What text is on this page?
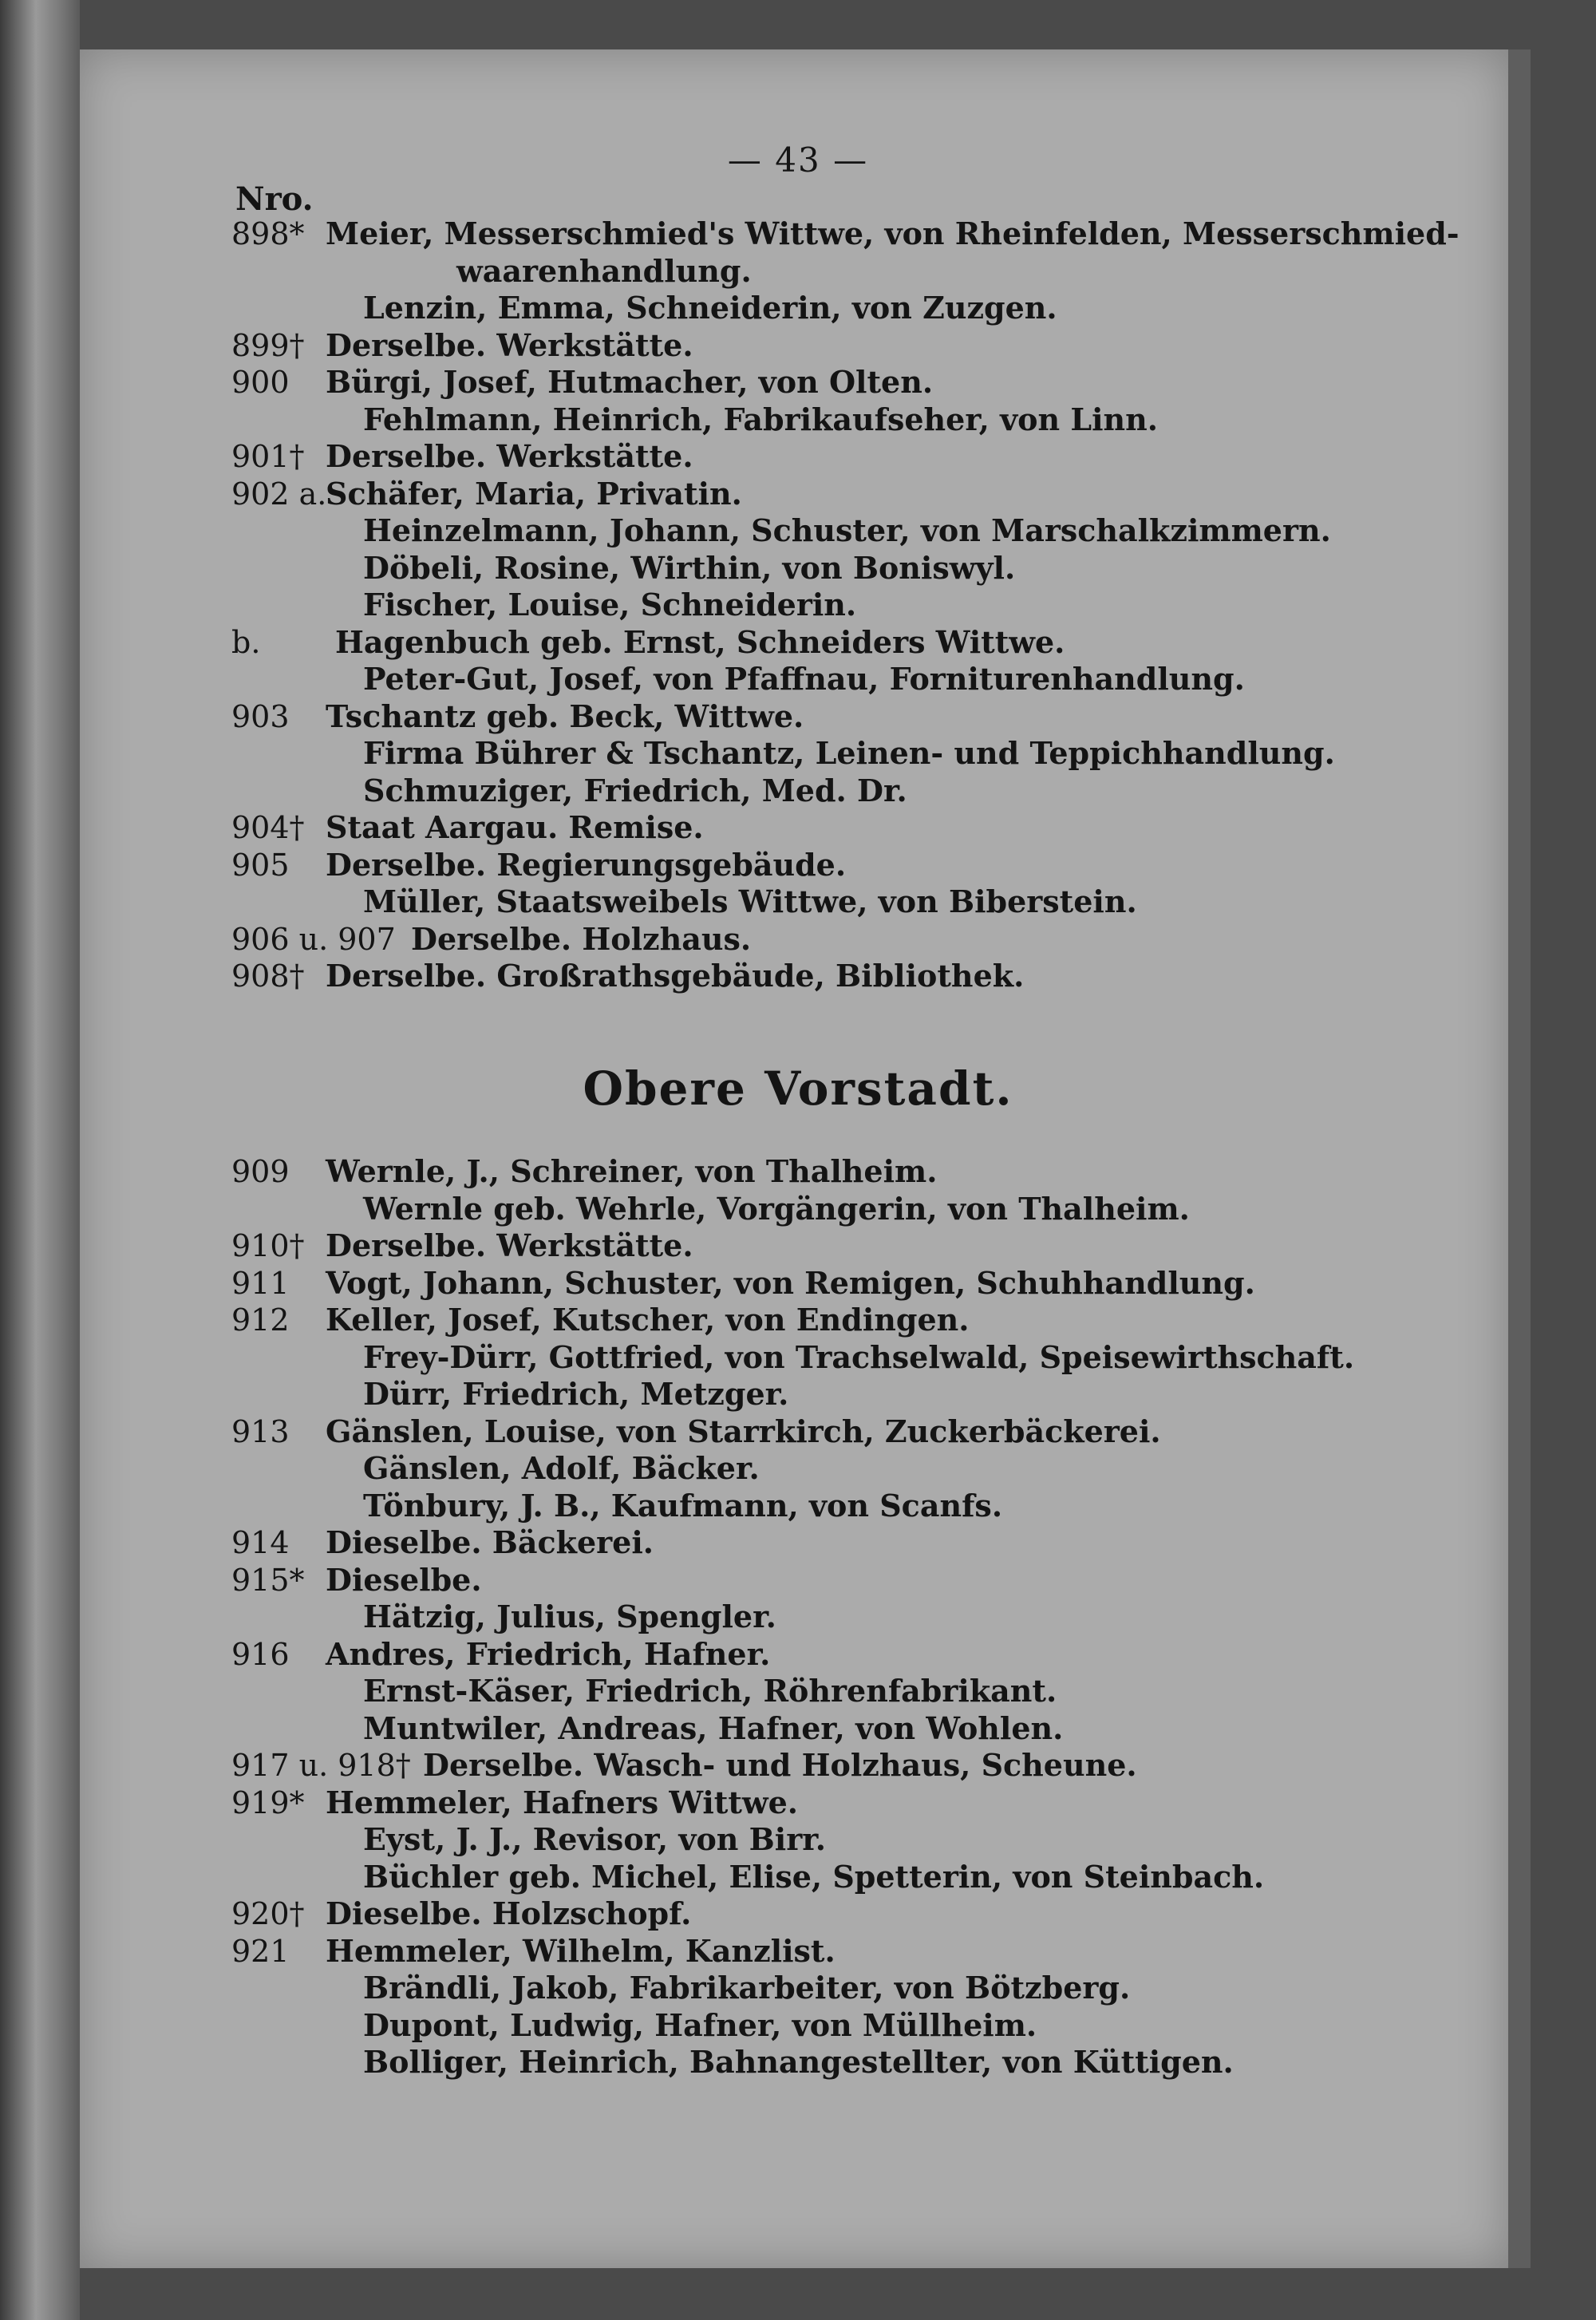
— 43 —
Nro.
898* Meier, Messerschmied's Wittwe, von Rheinfelden, Messerschmied-
waarenhandlung.
Lenzin, Emma, Schneiderin, von Zuzgen.
899† Derselbe. Werkstätte.
900 Bürgi, Josef, Hutmacher, von Olten.
Fehlmann, Heinrich, Fabrikaufseher, von Linn.
901† Derselbe. Werkstätte.
902 a.
Schäfer, Maria, Privatin.
Heinzelmann, Johann, Schuster, von Marschalkzimmern.
Döbeli, Rosine, Wirthin, von Boniswyl.
Fischer, Louise, Schneiderin.
b. Hagenbuch geb. Ernst, Schneiders Wittwe.
Peter-Gut, Josef, von Pfaffnau, Forniturenhandlung.
903 Tschantz geb. Beck, Wittwe.
Firma Bührer & Tschantz, Leinen- und Teppichhandlung.
Schmuziger, Friedrich, Med. Dr.
904† Staat Aargau. Remise.
905 Derselbe. Regierungsgebäude.
Müller, Staatsweibels Wittwe, von Biberstein.
906 u. 907 Derselbe. Holzhaus.
908† Derselbe. Großrathsgebäude, Bibliothek.
Obere Vorstadt.
909 Wernle, J., Schreiner, von Thalheim.
Wernle geb. Wehrle, Vorgängerin, von Thalheim.
910† Derselbe. Werkstätte.
911 Vogt, Johann, Schuster, von Remigen, Schuhhandlung.
912 Keller, Josef, Kutscher, von Endingen.
Frey-Dürr, Gottfried, von Trachselwald, Speisewirthschaft.
Dürr, Friedrich, Metzger.
913 Gänslen, Louise, von Starrkirch, Zuckerbäckerei.
Gänslen, Adolf, Bäcker.
Tönbury, J. B., Kaufmann, von Scanfs.
914 Dieselbe. Bäckerei.
915* Dieselbe.
Hätzig, Julius, Spengler.
916 Andres, Friedrich, Hafner.
Ernst-Käser, Friedrich, Röhrenfabrikant.
Muntwiler, Andreas, Hafner, von Wohlen.
917 u. 918† Derselbe. Wasch- und Holzhaus, Scheune.
919* Hemmeler, Hafners Wittwe.
Eyst, J. J., Revisor, von Birr.
Büchler geb. Michel, Elise, Spetterin, von Steinbach.
920† Dieselbe. Holzschopf.
921 Hemmeler, Wilhelm, Kanzlist.
Brändli, Jakob, Fabrikarbeiter, von Bötzberg.
Dupont, Ludwig, Hafner, von Müllheim.
Bolliger, Heinrich, Bahnangestellter, von Küttigen.
